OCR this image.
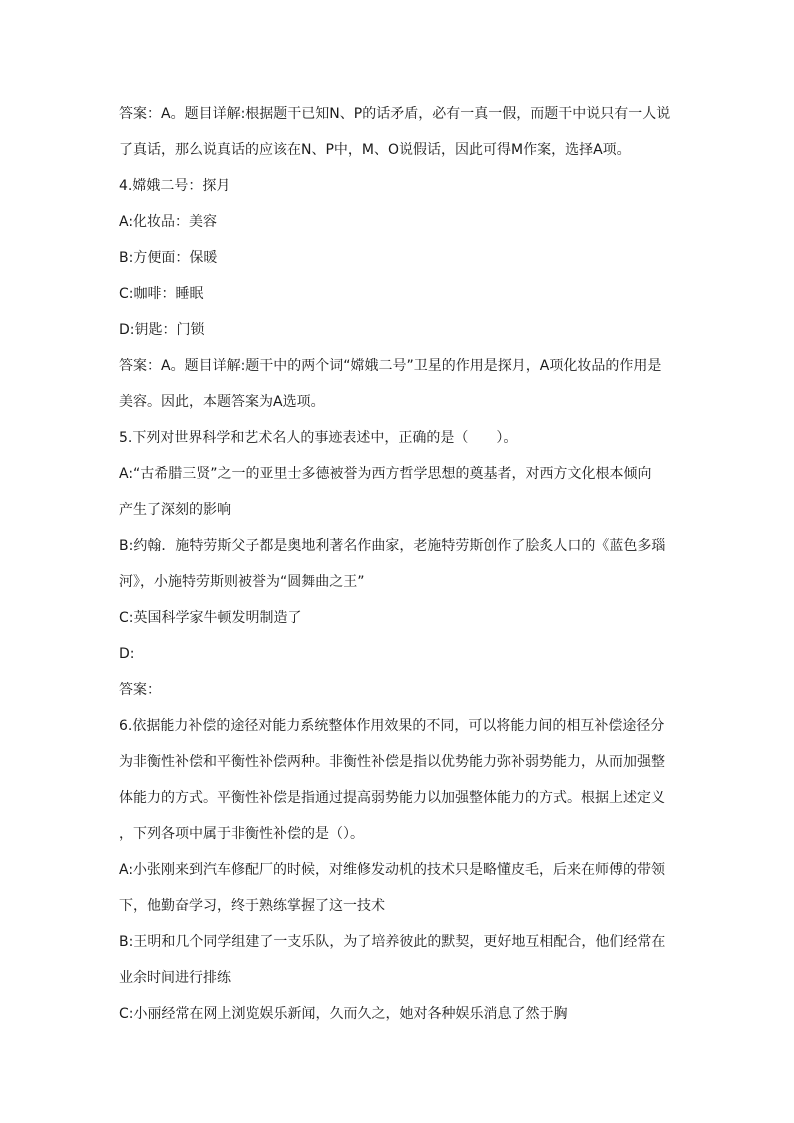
答案：A。题目详解:根据题干已知N、P的话矛盾，必有一真一假，而题干中说只有一人说
了真话，那么说真话的应该在N、P中，M、O说假话，因此可得M作案，选择A项。
4.嫦娥二号：探月
A:化妆品：美容
B:方便面：保暖
C:咖啡：睡眠
D:钥匙：门锁
答案：A。题目详解:题干中的两个词“嫦娥二号”卫星的作用是探月，A项化妆品的作用是
美容。因此，本题答案为A选项。
5.下列对世界科学和艺术名人的事迹表述中，正确的是（　　）。
A:“古希腊三贤”之一的亚里士多德被誉为西方哲学思想的奠基者，对西方文化根本倾向
产生了深刻的影响
B:约翰．施特劳斯父子都是奥地利著名作曲家，老施特劳斯创作了脍炙人口的《蓝色多瑙
河》，小施特劳斯则被誉为“圆舞曲之王”
C:英国科学家牛顿发明制造了
D:
答案：
6.依据能力补偿的途径对能力系统整体作用效果的不同，可以将能力间的相互补偿途径分
为非衡性补偿和平衡性补偿两种。非衡性补偿是指以优势能力弥补弱势能力，从而加强整
体能力的方式。平衡性补偿是指通过提高弱势能力以加强整体能力的方式。根据上述定义
，下列各项中属于非衡性补偿的是（）。
A:小张刚来到汽车修配厂的时候，对维修发动机的技术只是略懂皮毛，后来在师傅的带领
下，他勤奋学习，终于熟练掌握了这一技术
B:王明和几个同学组建了一支乐队，为了培养彼此的默契，更好地互相配合，他们经常在
业余时间进行排练
C:小丽经常在网上浏览娱乐新闻，久而久之，她对各种娱乐消息了然于胸
